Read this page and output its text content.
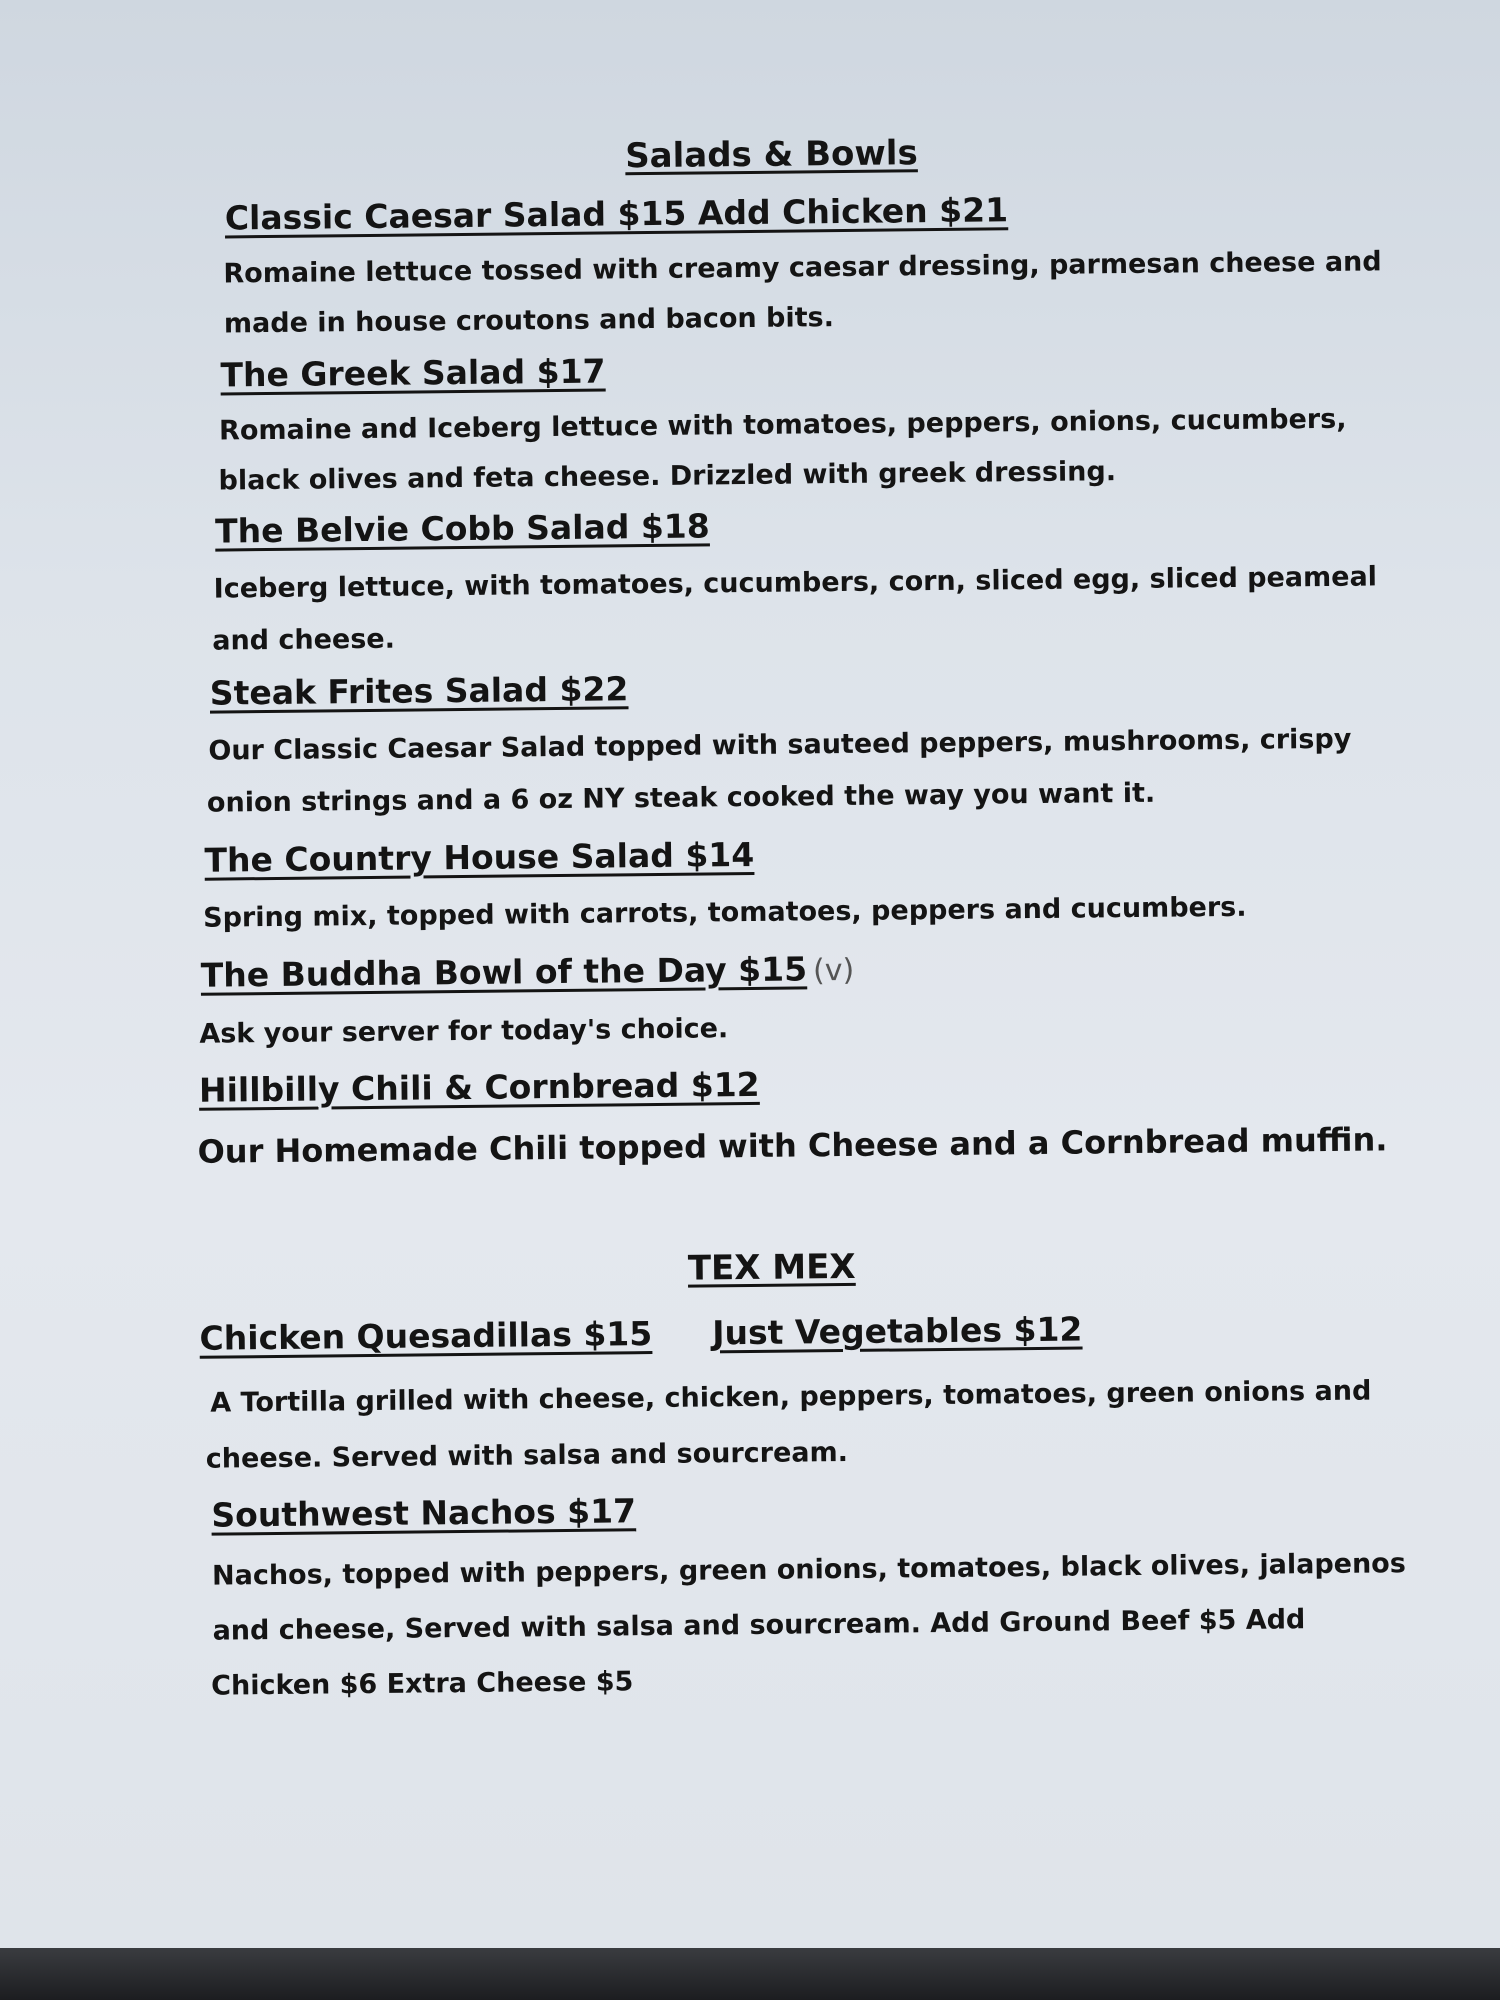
Salads & Bowls
Classic Caesar Salad $15 Add Chicken $21
Romaine lettuce tossed with creamy caesar dressing, parmesan cheese and
made in house croutons and bacon bits.
The Greek Salad $17
Romaine and Iceberg lettuce with tomatoes, peppers, onions, cucumbers,
black olives and feta cheese. Drizzled with greek dressing.
The Belvie Cobb Salad $18
Iceberg lettuce, with tomatoes, cucumbers, corn, sliced egg, sliced peameal
and cheese.
Steak Frites Salad $22
Our Classic Caesar Salad topped with sauteed peppers, mushrooms, crispy
onion strings and a 6 oz NY steak cooked the way you want it.
The Country House Salad $14
Spring mix, topped with carrots, tomatoes, peppers and cucumbers.
The Buddha Bowl of the Day $15 (v)
Ask your server for today's choice.
Hillbilly Chili & Cornbread $12
Our Homemade Chili topped with Cheese and a Cornbread muffin.
TEX MEX
Chicken Quesadillas $15 Just Vegetables $12
A Tortilla grilled with cheese, chicken, peppers, tomatoes, green onions and
cheese. Served with salsa and sourcream.
Southwest Nachos $17
Nachos, topped with peppers, green onions, tomatoes, black olives, jalapenos
and cheese, Served with salsa and sourcream. Add Ground Beef $5 Add
Chicken $6 Extra Cheese $5
